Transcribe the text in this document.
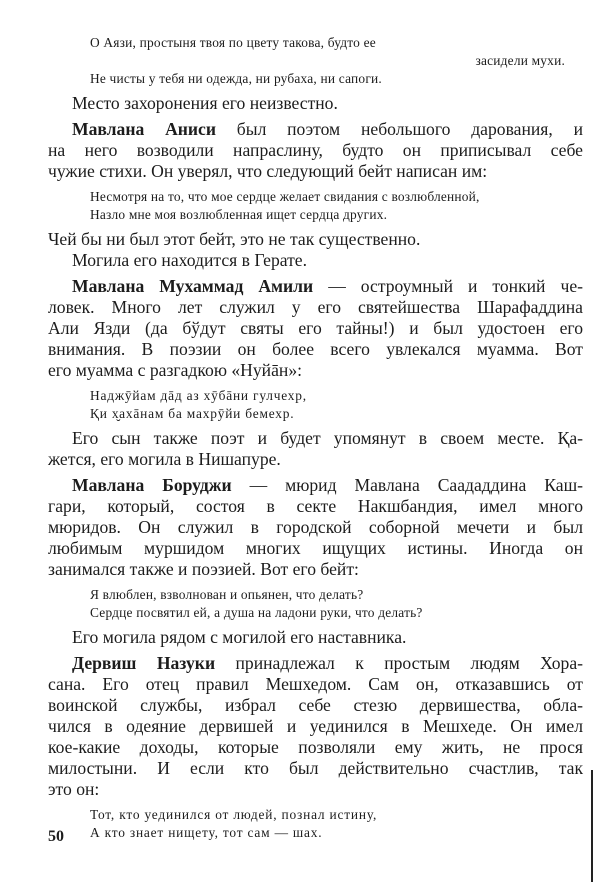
О Аязи, простыня твоя по цвету такова, будто ее
засидели мухи.
Не чисты у тебя ни одежда, ни рубаха, ни сапоги.
Место захоронения его неизвестно.
Мавлана Аниси был поэтом небольшого дарования, и
на него возводили напраслину, будто он приписывал себе
чужие стихи. Он уверял, что следующий бейт написан им:
Несмотря на то, что мое сердце желает свидания с возлюбленной,
Назло мне моя возлюбленная ищет сердца других.
Чей бы ни был этот бейт, это не так существенно.
Могила его находится в Герате.
Мавлана Мухаммад Амили — остроумный и тонкий че-
ловек. Много лет служил у его святейшества Шарафаддина
Али Язди (да бўдут святы его тайны!) и был удостоен его
внимания. В поэзии он более всего увлекался муамма. Вот
его муамма с разгадкою «Нуйāн»:
Наджӯйам дāд аз хӯбāни гулчехр,
Қи х̮ахāнам ба махрӯйи бемехр.
Его сын также поэт и будет упомянут в своем месте. Қа-
жется, его могила в Нишапуре.
Мавлана Боруджи — мюрид Мавлана Саададдина Каш-
гари, который, состоя в секте Накшбандия, имел много
мюридов. Он служил в городской соборной мечети и был
любимым муршидом многих ищущих истины. Иногда он
занимался также и поэзией. Вот его бейт:
Я влюблен, взволнован и опьянен, что делать?
Сердце посвятил ей, а душа на ладони руки, что делать?
Его могила рядом с могилой его наставника.
Дервиш Назуки принадлежал к простым людям Хора-
сана. Его отец правил Мешхедом. Сам он, отказавшись от
воинской службы, избрал себе стезю дервишества, обла-
чился в одеяние дервишей и уединился в Мешхеде. Он имел
кое-какие доходы, которые позволяли ему жить, не прося
милостыни. И если кто был действительно счастлив, так
это он:
Тот, кто уединился от людей, познал истину,
А кто знает нищету, тот сам — шах.
50
